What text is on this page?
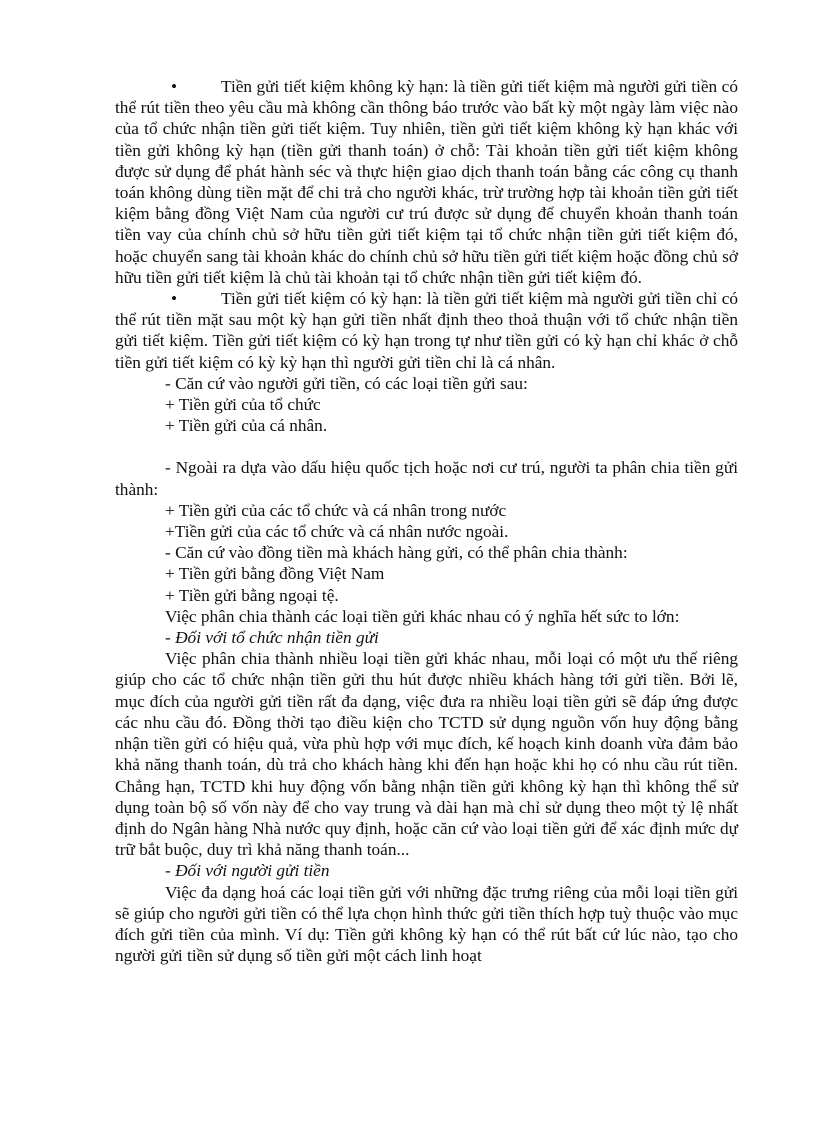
•	Tiền gửi tiết kiệm không kỳ hạn: là tiền gửi tiết kiệm mà người gửi tiền có thể rút tiền theo yêu cầu mà không cần thông báo trước vào bất kỳ một ngày làm việc nào của tổ chức nhận tiền gửi tiết kiệm. Tuy nhiên, tiền gửi tiết kiệm không kỳ hạn khác với tiền gửi không kỳ hạn (tiền gửi thanh toán) ở chỗ: Tài khoản tiền gửi tiết kiệm không được sử dụng để phát hành séc và thực hiện giao dịch thanh toán bằng các công cụ thanh toán không dùng tiền mặt để chi trả cho người khác, trừ trường hợp tài khoản tiền gửi tiết kiệm bằng đồng Việt Nam của người cư trú được sử dụng để chuyển khoản thanh toán tiền vay của chính chủ sở hữu tiền gửi tiết kiệm tại tổ chức nhận tiền gửi tiết kiệm đó, hoặc chuyển sang tài khoản khác do chính chủ sở hữu tiền gửi tiết kiệm hoặc đồng chủ sở hữu tiền gửi tiết kiệm là chủ tài khoản tại tổ chức nhận tiền gửi tiết kiệm đó.

•	Tiền gửi tiết kiệm có kỳ hạn: là tiền gửi tiết kiệm mà người gửi tiền chỉ có thể rút tiền mặt sau một kỳ hạn gửi tiền nhất định theo thoả thuận với tổ chức nhận tiền gửi tiết kiệm. Tiền gửi tiết kiệm có kỳ hạn trong tự như tiền gửi có kỳ hạn chỉ khác ở chỗ tiền gửi tiết kiệm có kỳ kỳ hạn thì người gửi tiền chỉ là cá nhân.

- Căn cứ vào người gửi tiền, có các loại tiền gửi sau:

+ Tiền gửi của tổ chức

+ Tiền gửi của cá nhân.

- Ngoài ra dựa vào dấu hiệu quốc tịch hoặc nơi cư trú, người ta phân chia tiền gửi thành:

+ Tiền gửi của các tổ chức và cá nhân trong nước

+Tiền gửi của các tổ chức và cá nhân nước ngoài.

- Căn cứ vào đồng tiền mà khách hàng gửi, có thể phân chia thành:

+ Tiền gửi bằng đồng Việt Nam

+ Tiền gửi bằng ngoại tệ.

Việc phân chia thành các loại tiền gửi khác nhau có ý nghĩa hết sức to lớn:

- Đối với tổ chức nhận tiền gửi

Việc phân chia thành nhiều loại tiền gửi khác nhau, mỗi loại có một ưu thế riêng giúp cho các tổ chức nhận tiền gửi thu hút được nhiều khách hàng tới gửi tiền. Bởi lẽ, mục đích của người gửi tiền rất đa dạng, việc đưa ra nhiều loại tiền gửi sẽ đáp ứng được các nhu cầu đó. Đồng thời tạo điều kiện cho TCTD sử dụng nguồn vốn huy động bằng nhận tiền gửi có hiệu quả, vừa phù hợp với mục đích, kế hoạch kinh doanh vừa đảm bảo khả năng thanh toán, dù trả cho khách hàng khi đến hạn hoặc khi họ có nhu cầu rút tiền. Chẳng hạn, TCTD khi huy động vốn bằng nhận tiền gửi không kỳ hạn thì không thể sử dụng toàn bộ số vốn này để cho vay trung và dài hạn mà chỉ sử dụng theo một tỷ lệ nhất định do Ngân hàng Nhà nước quy định, hoặc căn cứ vào loại tiền gửi để xác định mức dự trữ bắt buộc, duy trì khả năng thanh toán...

- Đối với người gửi tiền

Việc đa dạng hoá các loại tiền gửi với những đặc trưng riêng của mỗi loại tiền gửi sẽ giúp cho người gửi tiền có thể lựa chọn hình thức gửi tiền thích hợp tuỳ thuộc vào mục đích gửi tiền của mình. Ví dụ: Tiền gửi không kỳ hạn có thể rút bất cứ lúc nào, tạo cho người gửi tiền sử dụng số tiền gửi một cách linh hoạt
